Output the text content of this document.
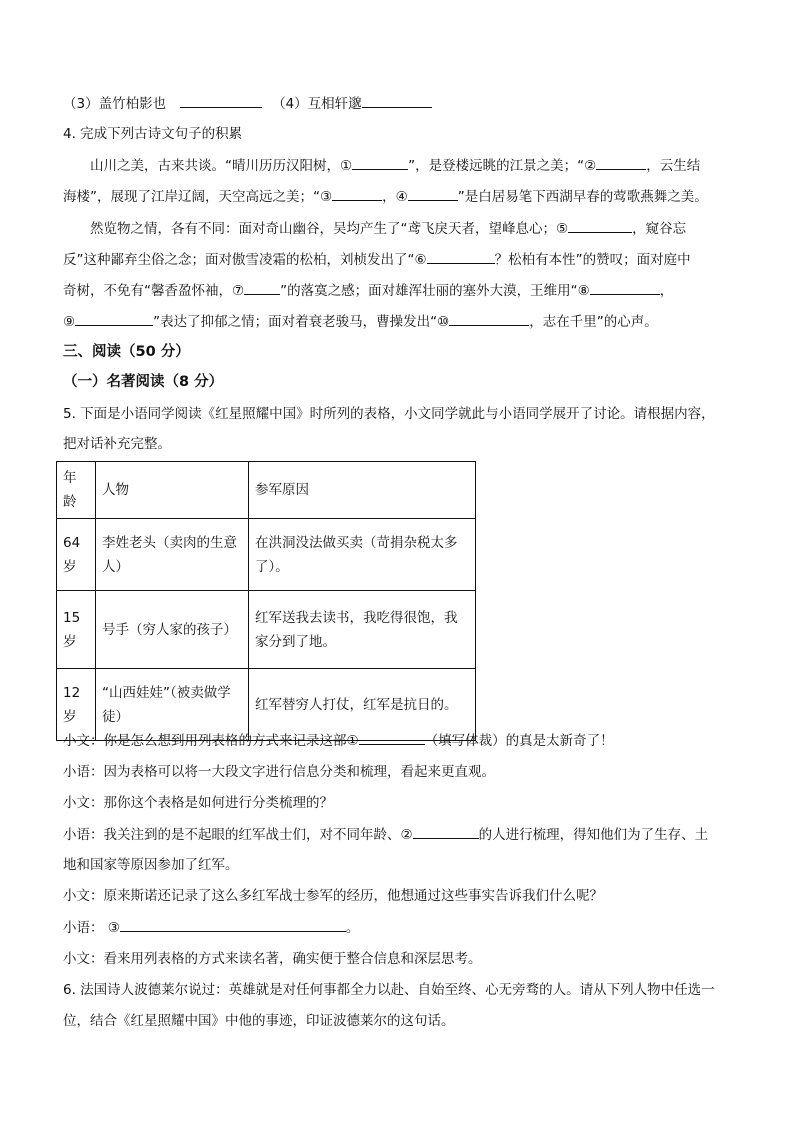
（3）盖竹柏影也	（4）互相轩邈
4. 完成下列古诗文句子的积累
山川之美，古来共谈。“晴川历历汉阳树，①	”，是登楼远眺的江景之美；“②	，云生结
海楼”，展现了江岸辽阔，天空高远之美；“③	，④	”是白居易笔下西湖早春的莺歌燕舞之美。
然览物之情，各有不同：面对奇山幽谷，吴均产生了“鸢飞戾天者，望峰息心；⑤	，窥谷忘
反”这种鄙弃尘俗之念；面对傲雪凌霜的松柏，刘桢发出了“⑥	？松柏有本性”的赞叹；面对庭中
奇树，不免有“馨香盈怀袖，⑦	”的落寞之感；面对雄浑壮丽的塞外大漠，王维用“⑧	，
⑨	”表达了抑郁之情；面对着衰老骏马，曹操发出“⑩	，志在千里”的心声。
三、阅读（50 分）
（一）名著阅读（8 分）
5. 下面是小语同学阅读《红星照耀中国》时所列的表格，小文同学就此与小语同学展开了讨论。请根据内容，
把对话补充完整。
年龄	人物	参军原因
64 岁	李姓老头（卖肉的生意人）	在洪洞没法做买卖（苛捐杂税太多了）。
15 岁	号手（穷人家的孩子）	红军送我去读书，我吃得很饱，我家分到了地。
12 岁	“山西娃娃”（被卖做学徒）	红军替穷人打仗，红军是抗日的。
小文：你是怎么想到用列表格的方式来记录这部①	（填写体裁）的真是太新奇了！
小语：因为表格可以将一大段文字进行信息分类和梳理，看起来更直观。
小文：那你这个表格是如何进行分类梳理的？
小语：我关注到的是不起眼的红军战士们，对不同年龄、②	的人进行梳理，得知他们为了生存、土
地和国家等原因参加了红军。
小文：原来斯诺还记录了这么多红军战士参军的经历，他想通过这些事实告诉我们什么呢？
小语： ③	。
小文：看来用列表格的方式来读名著，确实便于整合信息和深层思考。
6. 法国诗人波德莱尔说过：英雄就是对任何事都全力以赴、自始至终、心无旁骛的人。请从下列人物中任选一
位，结合《红星照耀中国》中他的事迹，印证波德莱尔的这句话。
